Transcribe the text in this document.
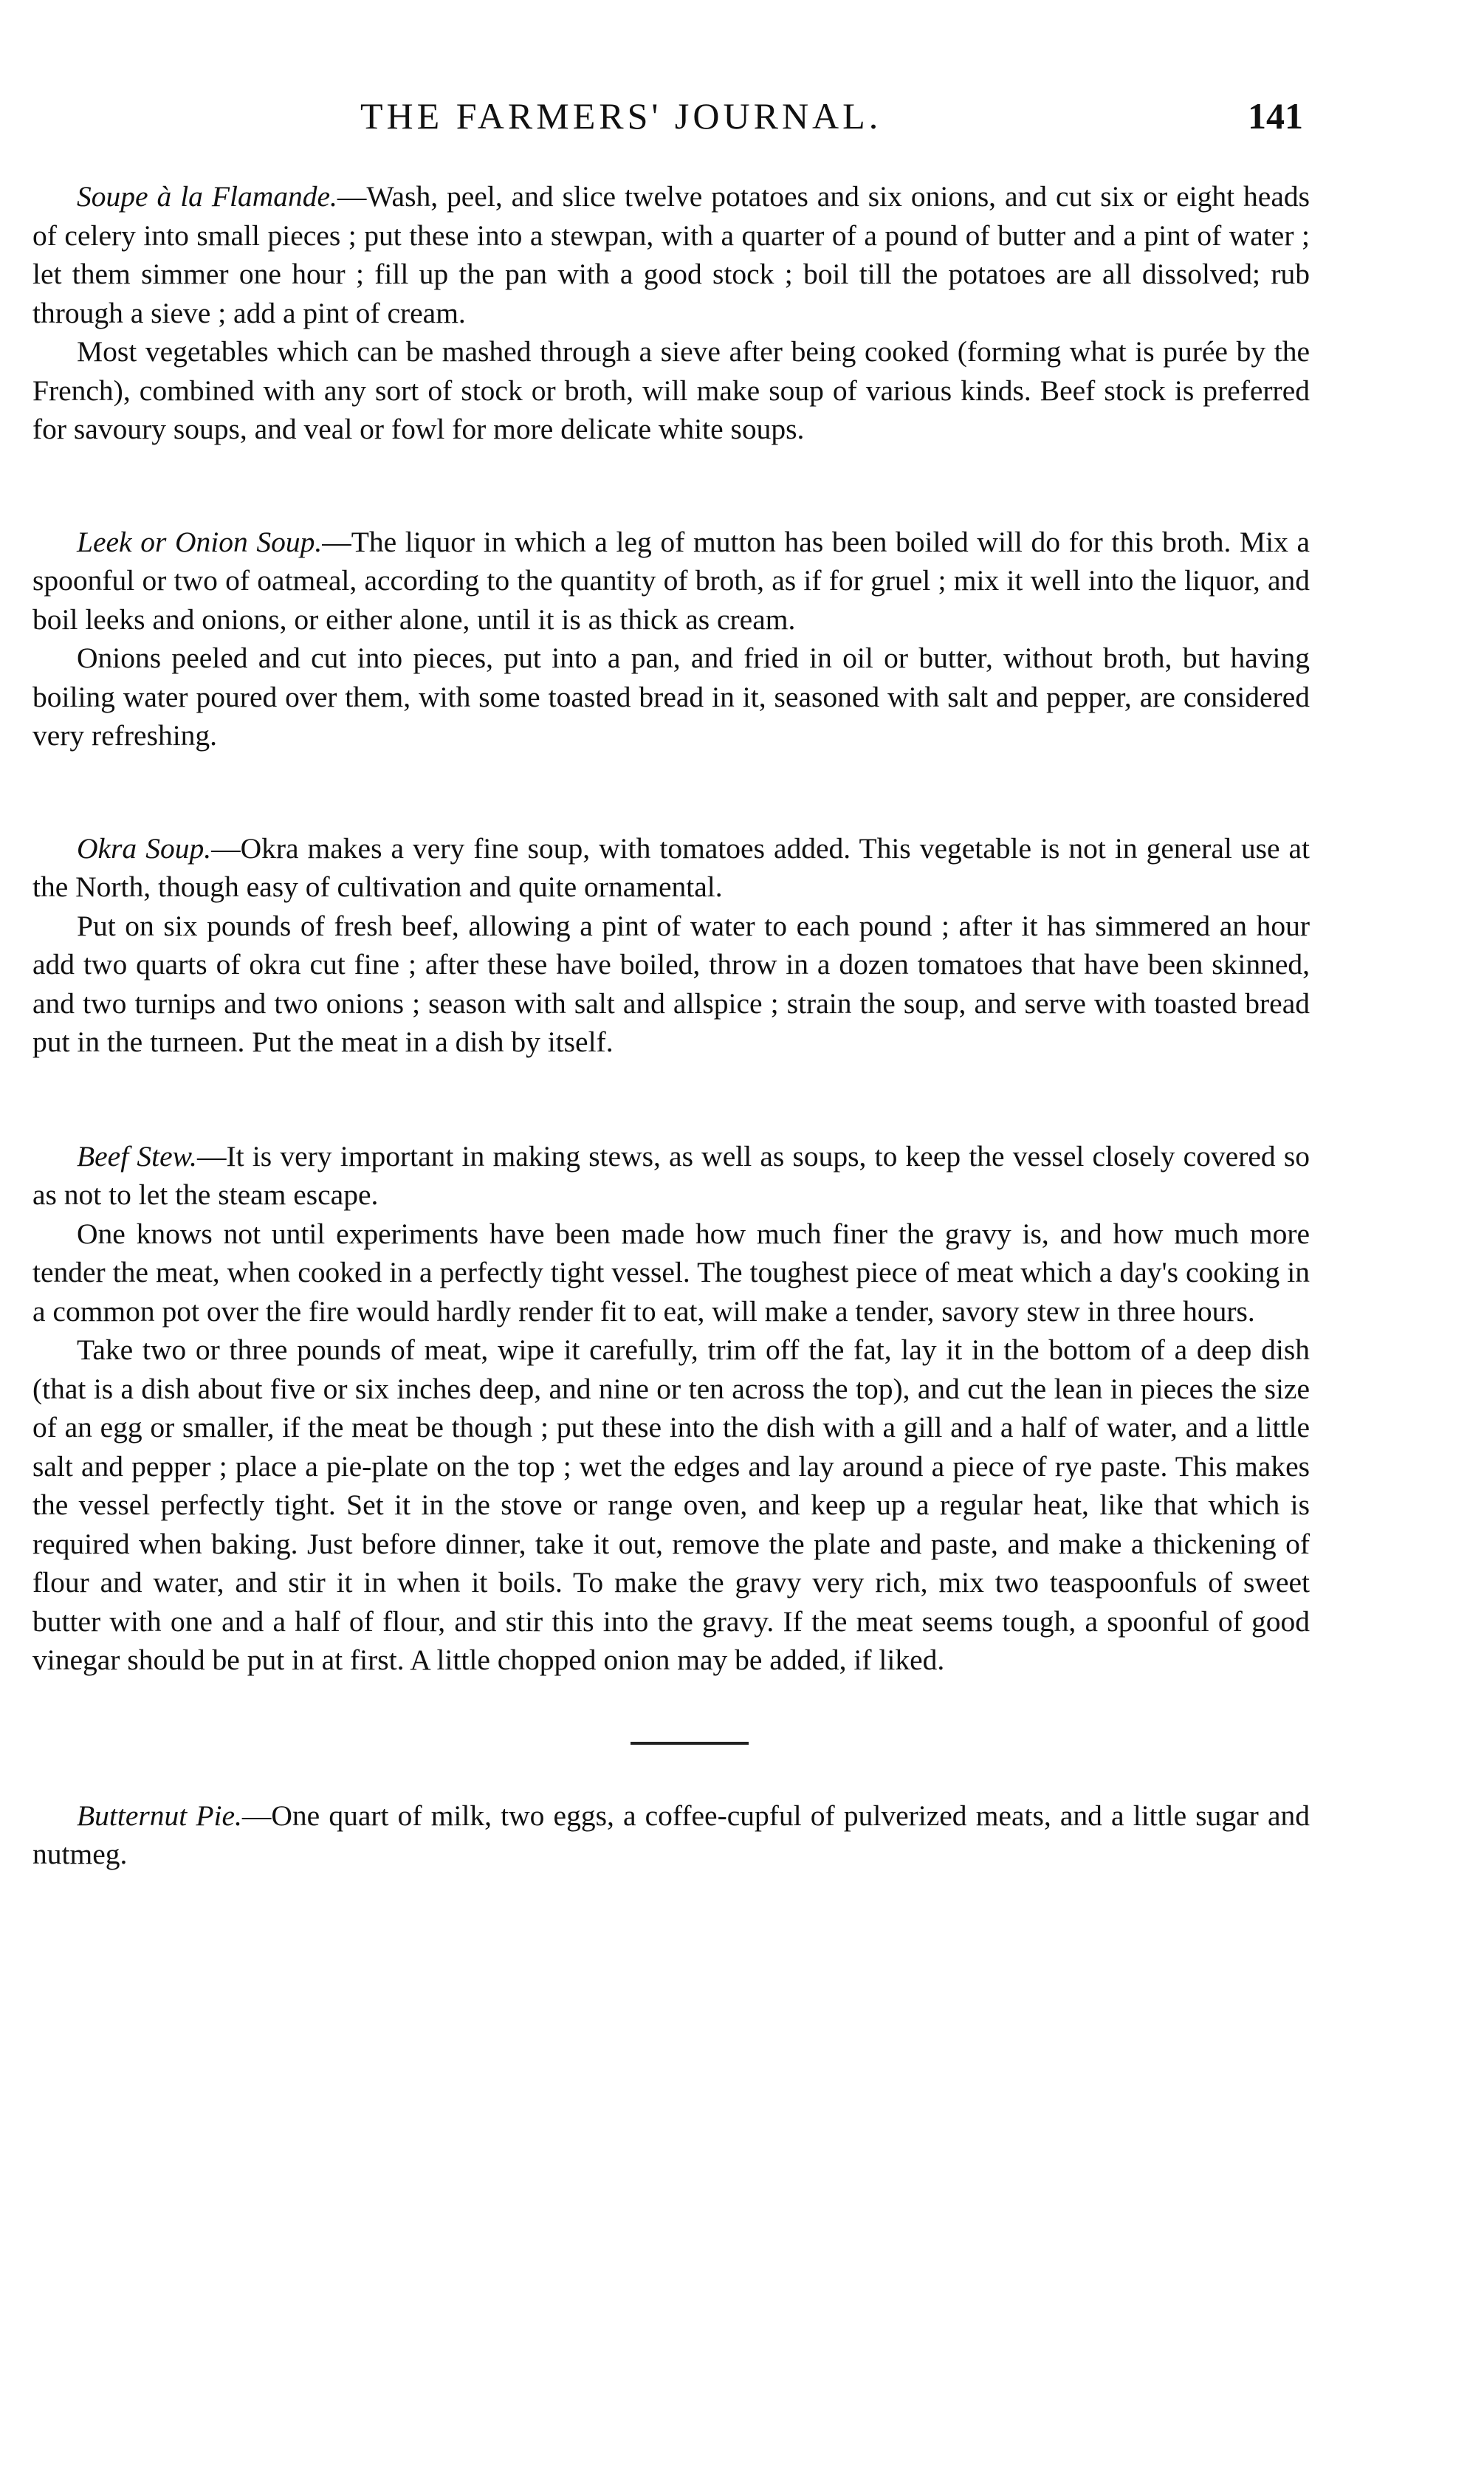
THE FARMERS' JOURNAL.	141

Soupe à la Flamande.—Wash, peel, and slice twelve potatoes and six onions, and cut six or eight heads of celery into small pieces ; put these into a stewpan, with a quarter of a pound of butter and a pint of water ; let them simmer one hour ; fill up the pan with a good stock ; boil till the potatoes are all dissolved; rub through a sieve ; add a pint of cream.

Most vegetables which can be mashed through a sieve after being cooked (forming what is purée by the French), combined with any sort of stock or broth, will make soup of various kinds. Beef stock is preferred for savoury soups, and veal or fowl for more delicate white soups.

Leek or Onion Soup.—The liquor in which a leg of mutton has been boiled will do for this broth. Mix a spoonful or two of oatmeal, according to the quantity of broth, as if for gruel ; mix it well into the liquor, and boil leeks and onions, or either alone, until it is as thick as cream.

Onions peeled and cut into pieces, put into a pan, and fried in oil or butter, without broth, but having boiling water poured over them, with some toasted bread in it, seasoned with salt and pepper, are considered very refreshing.

Okra Soup.—Okra makes a very fine soup, with tomatoes added. This vegetable is not in general use at the North, though easy of cultivation and quite ornamental.

Put on six pounds of fresh beef, allowing a pint of water to each pound ; after it has simmered an hour add two quarts of okra cut fine ; after these have boiled, throw in a dozen tomatoes that have been skinned, and two turnips and two onions ; season with salt and allspice ; strain the soup, and serve with toasted bread put in the turneen. Put the meat in a dish by itself.

Beef Stew.—It is very important in making stews, as well as soups, to keep the vessel closely covered so as not to let the steam escape.

One knows not until experiments have been made how much finer the gravy is, and how much more tender the meat, when cooked in a perfectly tight vessel. The toughest piece of meat which a day's cooking in a common pot over the fire would hardly render fit to eat, will make a tender, savory stew in three hours.

Take two or three pounds of meat, wipe it carefully, trim off the fat, lay it in the bottom of a deep dish (that is a dish about five or six inches deep, and nine or ten across the top), and cut the lean in pieces the size of an egg or smaller, if the meat be though ; put these into the dish with a gill and a half of water, and a little salt and pepper ; place a pie-plate on the top ; wet the edges and lay around a piece of rye paste. This makes the vessel perfectly tight. Set it in the stove or range oven, and keep up a regular heat, like that which is required when baking. Just before dinner, take it out, remove the plate and paste, and make a thickening of flour and water, and stir it in when it boils. To make the gravy very rich, mix two teaspoonfuls of sweet butter with one and a half of flour, and stir this into the gravy. If the meat seems tough, a spoonful of good vinegar should be put in at first. A little chopped onion may be added, if liked.

Butternut Pie.—One quart of milk, two eggs, a coffee-cupful of pulverized meats, and a little sugar and nutmeg.
